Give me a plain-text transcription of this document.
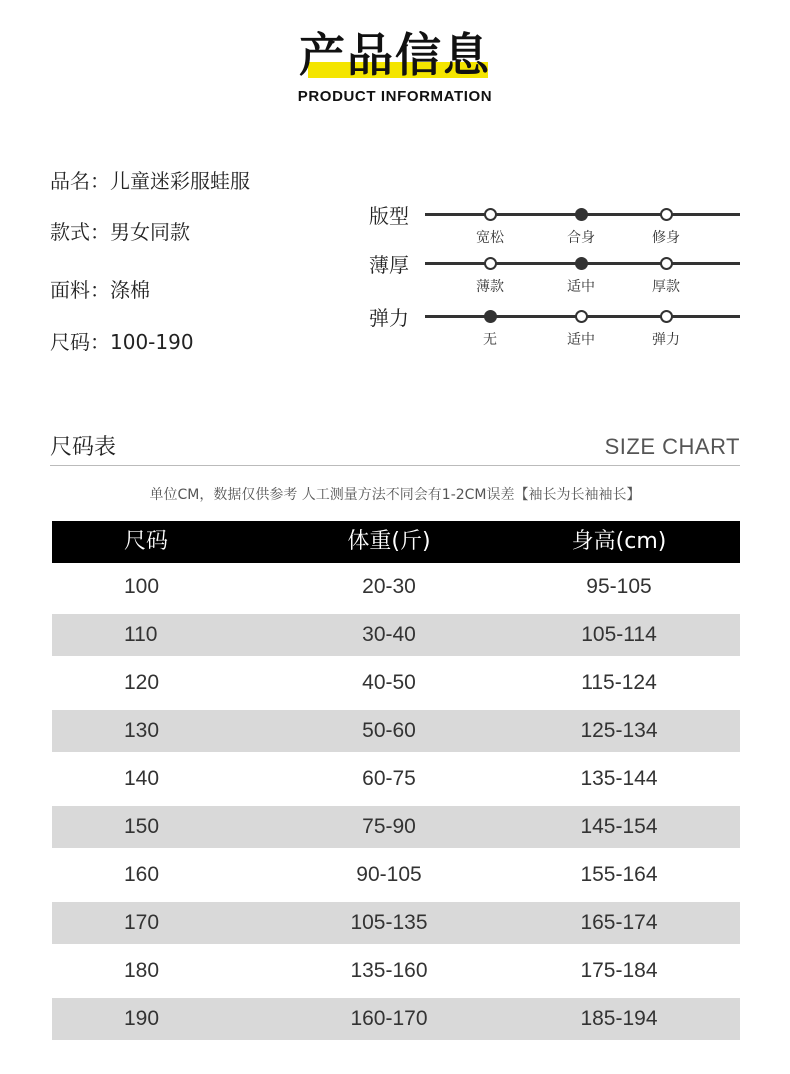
产品信息
PRODUCT INFORMATION
品名：儿童迷彩服蛙服
款式：男女同款
面料：涤棉
尺码：100-190
版型
宽松	合身	修身
薄厚
薄款	适中	厚款
弹力
无	适中	弹力
尺码表	SIZE CHART
单位CM，数据仅供参考 人工测量方法不同会有1-2CM误差【袖长为长袖袖长】
尺码	体重(斤)	身高(cm)
100	20-30	95-105
110	30-40	105-114
120	40-50	115-124
130	50-60	125-134
140	60-75	135-144
150	75-90	145-154
160	90-105	155-164
170	105-135	165-174
180	135-160	175-184
190	160-170	185-194
